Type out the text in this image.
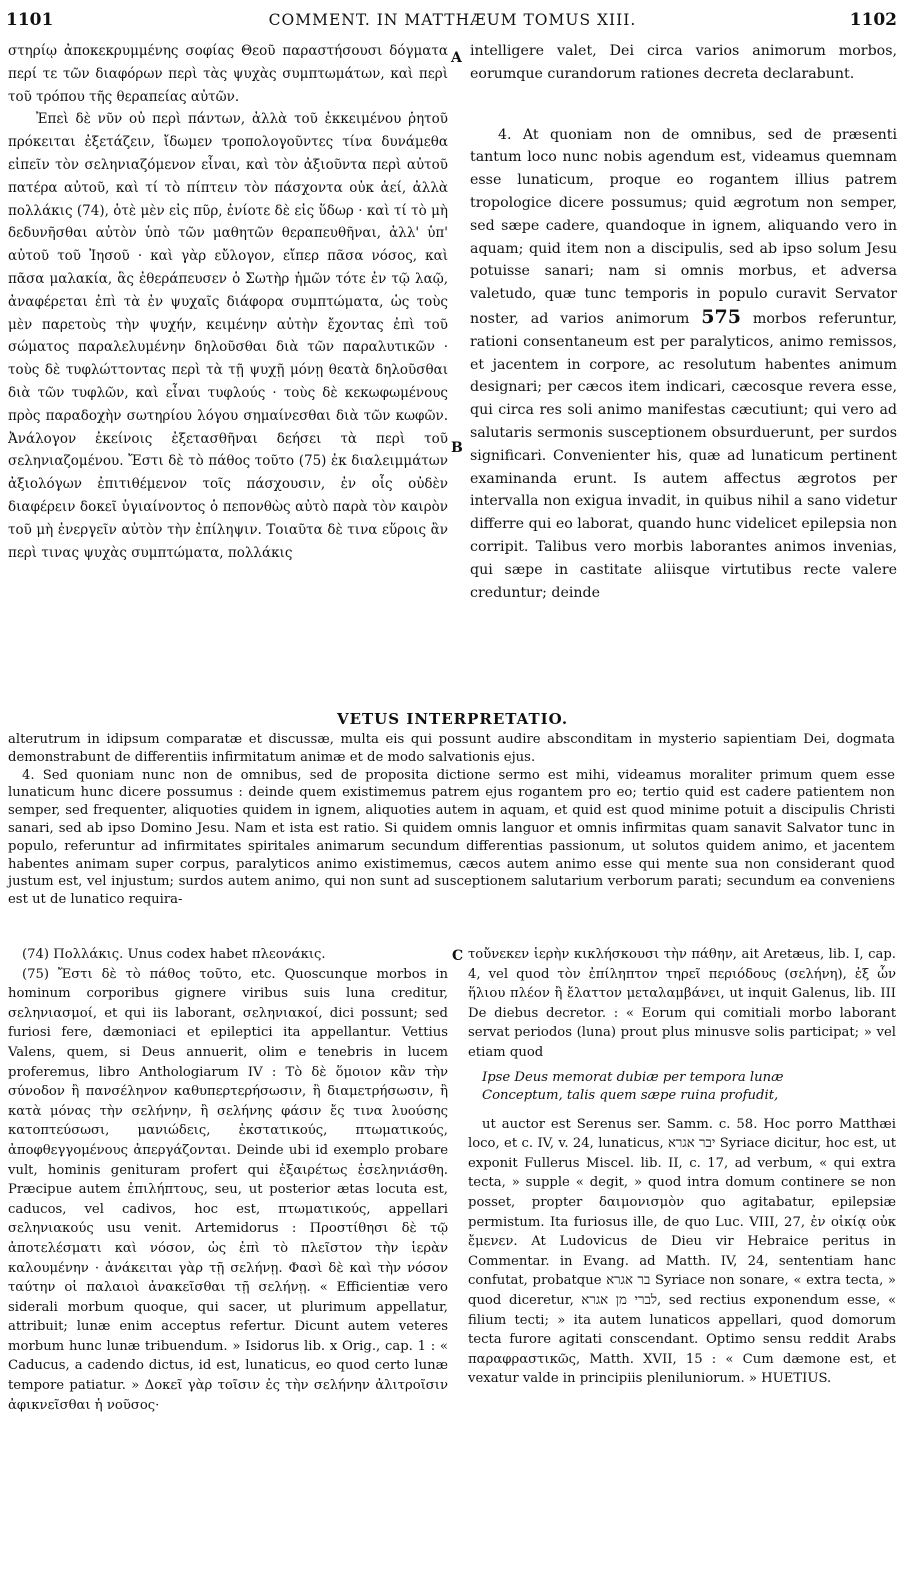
1101	COMMENT. IN MATTHÆUM TOMUS XIII.	1102

στηρίῳ ἀποκεκρυμμένης σοφίας Θεοῦ παραστήσουσι δόγματα περί τε τῶν διαφόρων περὶ τὰς ψυχὰς συμπτωμάτων, καὶ περὶ τοῦ τρόπου τῆς θεραπείας αὐτῶν.

Ἐπεὶ δὲ νῦν οὐ περὶ πάντων, ἀλλὰ τοῦ ἐκκειμένου ῥητοῦ πρόκειται ἐξετάζειν, ἴδωμεν τροπολογοῦντες τίνα δυνάμεθα εἰπεῖν τὸν σεληνιαζόμενον εἶναι, καὶ τὸν ἀξιοῦντα περὶ αὐτοῦ πατέρα αὐτοῦ, καὶ τί τὸ πίπτειν τὸν πάσχοντα οὐκ ἀεί, ἀλλὰ πολλάκις (74), ὁτὲ μὲν εἰς πῦρ, ἐνίοτε δὲ εἰς ὕδωρ · καὶ τί τὸ μὴ δεδυνῆσθαι αὐτὸν ὑπὸ τῶν μαθητῶν θεραπευθῆναι, ἀλλ' ὑπ' αὐτοῦ τοῦ Ἰησοῦ · καὶ γὰρ εὔλογον, εἴπερ πᾶσα νόσος, καὶ πᾶσα μαλακία, ἃς ἐθεράπευσεν ὁ Σωτὴρ ἡμῶν τότε ἐν τῷ λαῷ, ἀναφέρεται ἐπὶ τὰ ἐν ψυχαῖς διάφορα συμπτώματα, ὡς τοὺς μὲν παρετοὺς τὴν ψυχήν, κειμένην αὐτὴν ἔχοντας ἐπὶ τοῦ σώματος παραλελυμένην δηλοῦσθαι διὰ τῶν παραλυτικῶν · τοὺς δὲ τυφλώττοντας περὶ τὰ τῇ ψυχῇ μόνῃ θεατὰ δηλοῦσθαι διὰ τῶν τυφλῶν, καὶ εἶναι τυφλούς · τοὺς δὲ κεκωφωμένους πρὸς παραδοχὴν σωτηρίου λόγου σημαίνεσθαι διὰ τῶν κωφῶν. Ἀνάλογον ἐκείνοις ἐξετασθῆναι δεήσει τὰ περὶ τοῦ σεληνιαζομένου. Ἔστι δὲ τὸ πάθος τοῦτο (75) ἐκ διαλειμμάτων ἀξιολόγων ἐπιτιθέμενον τοῖς πάσχουσιν, ἐν οἷς οὐδὲν διαφέρειν δοκεῖ ὑγιαίνοντος ὁ πεπονθὼς αὐτὸ παρὰ τὸν καιρὸν τοῦ μὴ ἐνεργεῖν αὐτὸν τὴν ἐπίληψιν. Τοιαῦτα δὲ τινα εὕροις ἂν περὶ τινας ψυχὰς συμπτώματα, πολλάκις

A
B
C

intelligere valet, Dei circa varios animorum morbos, eorumque curandorum rationes decreta declarabunt.

4. At quoniam non de omnibus, sed de præsenti tantum loco nunc nobis agendum est, videamus quemnam esse lunaticum, proque eo rogantem illius patrem tropologice dicere possumus; quid ægrotum non semper, sed sæpe cadere, quandoque in ignem, aliquando vero in aquam; quid item non a discipulis, sed ab ipso solum Jesu potuisse sanari; nam si omnis morbus, et adversa valetudo, quæ tunc temporis in populo curavit Servator noster, ad varios animorum 575 morbos referuntur, rationi consentaneum est per paralyticos, animo remissos, et jacentem in corpore, ac resolutum habentes animum designari; per cæcos item indicari, cæcosque revera esse, qui circa res soli animo manifestas cæcutiunt; qui vero ad salutaris sermonis susceptionem obsurduerunt, per surdos significari. Convenienter his, quæ ad lunaticum pertinent examinanda erunt. Is autem affectus ægrotos per intervalla non exigua invadit, in quibus nihil a sano videtur differre qui eo laborat, quando hunc videlicet epilepsia non corripit. Talibus vero morbis laborantes animos invenias, qui sæpe in castitate aliisque virtutibus recte valere creduntur; deinde

VETUS INTERPRETATIO.

alterutrum in idipsum comparatæ et discussæ, multa eis qui possunt audire absconditam in mysterio sapientiam Dei, dogmata demonstrabunt de differentiis infirmitatum animæ et de modo salvationis ejus.

4. Sed quoniam nunc non de omnibus, sed de proposita dictione sermo est mihi, videamus moraliter primum quem esse lunaticum hunc dicere possumus : deinde quem existimemus patrem ejus rogantem pro eo; tertio quid est cadere patientem non semper, sed frequenter, aliquoties quidem in ignem, aliquoties autem in aquam, et quid est quod minime potuit a discipulis Christi sanari, sed ab ipso Domino Jesu. Nam et ista est ratio. Si quidem omnis languor et omnis infirmitas quam sanavit Salvator tunc in populo, referuntur ad infirmitates spiritales animarum secundum differentias passionum, ut solutos quidem animo, et jacentem habentes animam super corpus, paralyticos animo existimemus, cæcos autem animo esse qui mente sua non considerant quod justum est, vel injustum; surdos autem animo, qui non sunt ad susceptionem salutarium verborum parati; secundum ea conveniens est ut de lunatico requira-

(74) Πολλάκις. Unus codex habet πλεονάκις.

(75) Ἔστι δὲ τὸ πάθος τοῦτο, etc. Quoscunque morbos in hominum corporibus gignere viribus suis luna creditur, σεληνιασμοί, et qui iis laborant, σεληνιακοί, dici possunt; sed furiosi fere, dæmoniaci et epileptici ita appellantur. Vettius Valens, quem, si Deus annuerit, olim e tenebris in lucem proferemus, libro Anthologiarum IV : Τὸ δὲ ὅμοιον κἂν τὴν σύνοδον ἢ πανσέληνον καθυπερτερήσωσιν, ἢ διαμετρήσωσιν, ἢ κατὰ μόνας τὴν σελήνην, ἢ σελήνης φάσιν ἔς τινα λυούσης κατοπτεύσωσι, μανιώδεις, ἐκστατικούς, πτωματικούς, ἀποφθεγγομένους ἀπεργάζονται. Deinde ubi id exemplo probare vult, hominis genituram profert qui ἐξαιρέτως ἐσεληνιάσθη. Præcipue autem ἐπιλήπτους, seu, ut posterior ætas locuta est, caducos, vel cadivos, hoc est, πτωματικούς, appellari σεληνιακούς usu venit. Artemidorus : Προστίθησι δὲ τῷ ἀποτελέσματι καὶ νόσον, ὡς ἐπὶ τὸ πλεῖστον τὴν ἱερὰν καλουμένην · ἀνάκειται γὰρ τῇ σελήνῃ. Φασὶ δὲ καὶ τὴν νόσον ταύτην οἱ παλαιοὶ ἀνακεῖσθαι τῇ σελήνῃ. « Efficientiæ vero siderali morbum quoque, qui sacer, ut plurimum appellatur, attribuit; lunæ enim acceptus refertur. Dicunt autem veteres morbum hunc lunæ tribuendum. » Isidorus lib. x Orig., cap. 1 : « Caducus, a cadendo dictus, id est, lunaticus, eo quod certo lunæ tempore patiatur. » Δοκεῖ γὰρ τοῖσιν ἐς τὴν σελήνην ἀλιτροῖσιν ἀφικνεῖσθαι ἡ νοῦσος·

τοὔνεκεν ἱερὴν κικλήσκουσι τὴν πάθην, ait Aretæus, lib. I, cap. 4, vel quod τὸν ἐπίληπτον τηρεῖ περιόδους (σελήνη), ἐξ ὧν ἥλιου πλέον ἢ ἔλαττον μεταλαμβάνει, ut inquit Galenus, lib. III De diebus decretor. : « Eorum qui comitiali morbo laborant servat periodos (luna) prout plus minusve solis participat; » vel etiam quod

Ipse Deus memorat dubiæ per tempora lunæ
Conceptum, talis quem sæpe ruina profudit,

ut auctor est Serenus ser. Samm. c. 58. Hoc porro Matthæi loco, et c. IV, v. 24, lunaticus, יבר אגרא Syriace dicitur, hoc est, ut exponit Fullerus Miscel. lib. II, c. 17, ad verbum, « qui extra tecta, » supple « degit, » quod intra domum continere se non posset, propter δαιμονισμὸν quo agitabatur, epilepsiæ permistum. Ita furiosus ille, de quo Luc. VIII, 27, ἐν οἰκίᾳ οὐκ ἔμενεν. At Ludovicus de Dieu vir Hebraice peritus in Commentar. in Evang. ad Matth. IV, 24, sententiam hanc confutat, probatque בר אגרא Syriace non sonare, « extra tecta, » quod diceretur, לברי מן אגרא, sed rectius exponendum esse, « filium tecti; » ita autem lunaticos appellari, quod domorum tecta furore agitati conscendant. Optimo sensu reddit Arabs παραφραστικῶς, Matth. XVII, 15 : « Cum dæmone est, et vexatur valde in principiis pleniluniorum. » HUETIUS.
